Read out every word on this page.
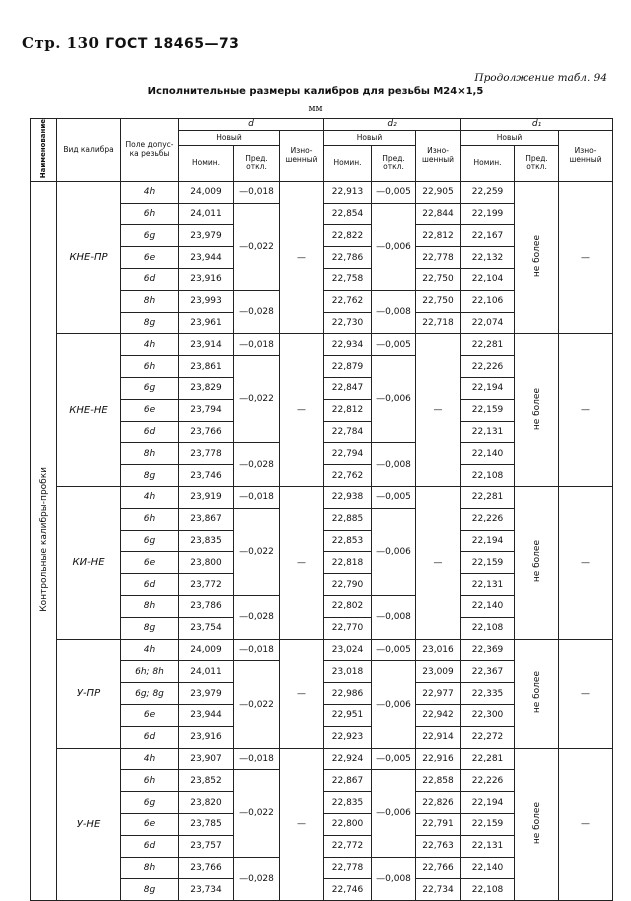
Стр. 130 ГОСТ 18465—73
Продолжение табл. 94
Исполнительные размеры калибров для резьбы М24×1,5
мм
Наименование	Вид калибра	Поле допус-ка резьбы	d			d₂			d₁		
			Новый		Изно-шенный	Новый		Изно-шенный	Новый		Изно-шенный
			Номин.	Пред. откл.		Номин.	Пред. откл.		Номин.	Пред. откл.	
Контрольные калибры-пробки	КНЕ-ПР	4h	24,009	—0,018	—	22,913	—0,005	22,905	22,259	не более	—
		6h	24,011	—0,022		22,854	—0,006	22,844	22,199		
		6g	23,979			22,822		22,812	22,167		
		6e	23,944			22,786		22,778	22,132		
		6d	23,916			22,758		22,750	22,104		
		8h	23,993	—0,028		22,762	—0,008	22,750	22,106		
		8g	23,961			22,730		22,718	22,074		
	КНЕ-НЕ	4h	23,914	—0,018	—	22,934	—0,005	—	22,281	не более	—
		6h	23,861	—0,022		22,879	—0,006		22,226		
		6g	23,829			22,847			22,194		
		6e	23,794			22,812			22,159		
		6d	23,766			22,784			22,131		
		8h	23,778	—0,028		22,794	—0,008		22,140		
		8g	23,746			22,762			22,108		
	КИ-НЕ	4h	23,919	—0,018	—	22,938	—0,005	—	22,281	не более	—
		6h	23,867	—0,022		22,885	—0,006		22,226		
		6g	23,835			22,853			22,194		
		6e	23,800			22,818			22,159		
		6d	23,772			22,790			22,131		
		8h	23,786	—0,028		22,802	—0,008		22,140		
		8g	23,754			22,770			22,108		
	У-ПР	4h	24,009	—0,018	—	23,024	—0,005	23,016	22,369	не более	—
		6h; 8h	24,011	—0,022		23,018	—0,006	23,009	22,367		
		6g; 8g	23,979			22,986		22,977	22,335		
		6e	23,944			22,951		22,942	22,300		
		6d	23,916			22,923		22,914	22,272		
	У-НЕ	4h	23,907	—0,018	—	22,924	—0,005	22,916	22,281	не более	—
		6h	23,852	—0,022		22,867	—0,006	22,858	22,226		
		6g	23,820			22,835		22,826	22,194		
		6e	23,785			22,800		22,791	22,159		
		6d	23,757			22,772		22,763	22,131		
		8h	23,766	—0,028		22,778	—0,008	22,766	22,140		
		8g	23,734			22,746		22,734	22,108		
